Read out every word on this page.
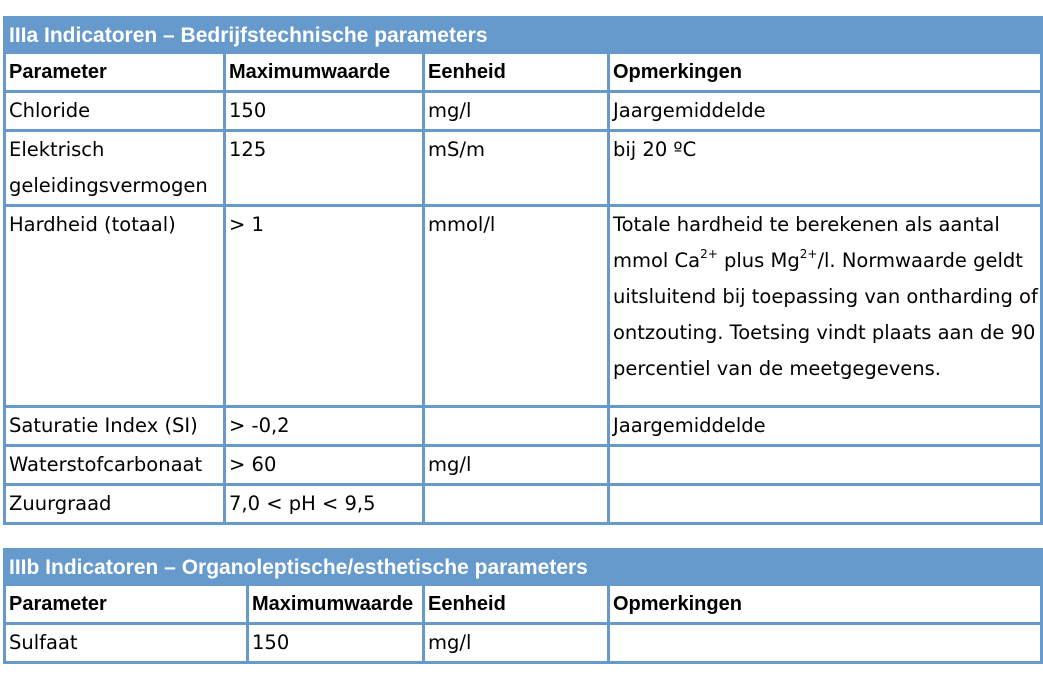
IIIa Indicatoren – Bedrijfstechnische parameters			
Parameter	Maximumwaarde	Eenheid	Opmerkingen
Chloride	150	mg/l	Jaargemiddelde
Elektrisch geleidingsvermogen	125	mS/m	bij 20 ºC
Hardheid (totaal)	> 1	mmol/l	Totale hardheid te berekenen als aantal mmol $Ca^{2+}$ plus $Mg^{2+}/l$. Normwaarde geldt uitsluitend bij toepassing van ontharding of ontzouting. Toetsing vindt plaats aan de 90 percentiel van de meetgegevens.
Saturatie Index (SI)	> -0,2		Jaargemiddelde
Waterstofcarbonaat	> 60	mg/l	
Zuurgraad	7,0 < pH < 9,5		
IIIb Indicatoren – Organoleptische/esthetische parameters			
Parameter	Maximumwaarde	Eenheid	Opmerkingen
Sulfaat	150	mg/l	
